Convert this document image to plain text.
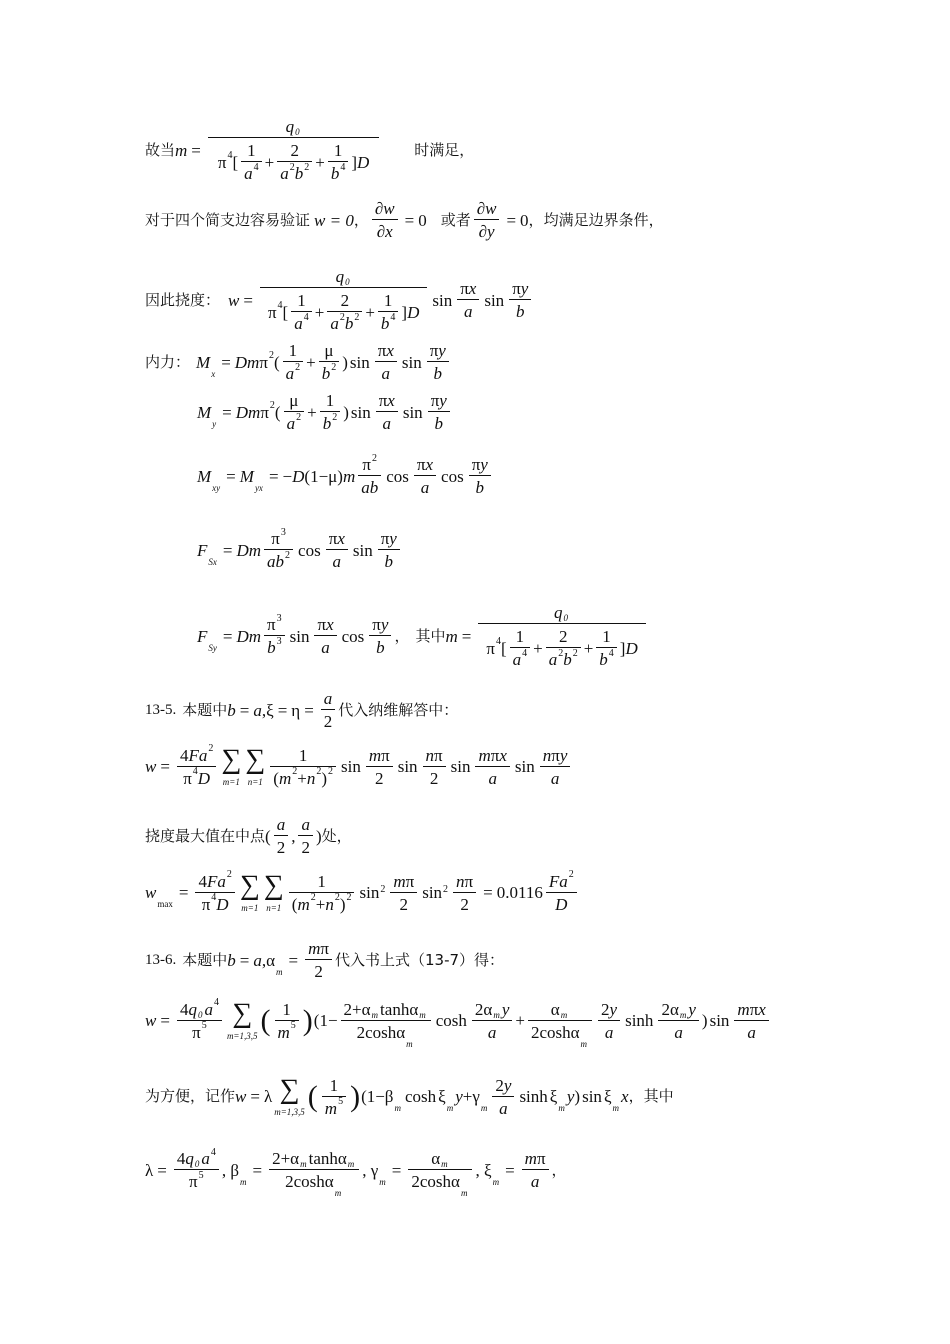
故当 $m = \frac{q 0}{\pi 4 [ \frac{1}{a 4} + \frac{2}{a 2 b 2} + \frac{1}{b 4} ] D}$ 时满足，
对于四个简支边容易验证 w = 0 ， $\frac{\partial w}{\partial x} = 0$ 或者 $\frac{\partial w}{\partial y} = 0$ ， 均满足边界条件，
因此挠度： $w = \frac{q 0}{\pi 4 [ \frac{1}{a 4} + \frac{2}{a 2 b 2} + \frac{1}{b 4} ] D}$ $\sin \frac{\text{π x}}{a}$ $\sin \frac{\text{π y}}{b}$
内力： M
x
= Dm π 2 ( $\frac{1}{a 2} + \frac{\mu}{b 2}$ ) $\sin \frac{\text{π x}}{a}$ $\sin \frac{\text{π y}}{b}$
M
y
= Dm π 2 ( $\frac{\mu}{a 2} + \frac{1}{b 2}$ ) $\sin \frac{\text{π x}}{a}$ $\sin \frac{\text{π y}}{b}$
M
xy
= M
yx
= − D (1−μ) m $\frac{\pi 2}{ab}$ $\cos \frac{\text{π x}}{a}$ $\cos \frac{\text{π y}}{b}$
F
Sx
= Dm $\frac{\pi 3}{ab 2}$ $\cos \frac{\text{π x}}{a}$ $\sin \frac{\text{π y}}{b}$
F
Sy
= Dm $\frac{\pi 3}{b 3}$ $\sin \frac{\text{π x}}{a}$ $\cos \frac{\text{π y}}{b}$ ， 其中 $m = \frac{q 0}{\pi 4 [ \frac{1}{a 4} + \frac{2}{a 2 b 2} + \frac{1}{b 4} ] D}$
13-5. 本题中 b = a $,\xi = \eta = \frac{a}{2}$ 代入纳维解答中：
$w = \frac{4 Fa 2}{\pi 4 D}$ ∑
m=1
∑
$n=1 \frac{1}{( m 2 + n 2 ) 2}$ $\sin \frac{\text{m π}}{2}$ $\sin \frac{\text{n π}}{2}$ $\sin \frac{\text{m π x}}{a}$ $\sin \frac{\text{n π y}}{a}$
挠度最大值在中点 ( $\frac{a}{2}$ , $\frac{a}{2}$ ) 处，
w
max
= $\frac{4 Fa 2}{\pi 4 D}$ ∑
m=1
∑
$n=1 \frac{1}{( m 2 + n 2 ) 2} \sin^2 \frac{\text{m π}}{2} \sin^2 \frac{\text{n π}}{2} = 0.0116 \frac{Fa 2}{D}$
13-6. 本题中 b = a ,α
m
= $\frac{\text{m π}}{2}$ 代入书上式（13-7）得：
$w = \frac{4 q 0 a 4}{\pi 5}$ ∑
m=1,3,5 ( $\frac{1}{m 5}$ ) (1− 2+α m tanhα m
2coshα
m $\cosh \frac{\text{2α m y}}{a} + \alpha$ m
2coshα
m $\frac{2 y}{a}$ $\sinh \frac{\text{2α m y}}{a}$ ) $\sin \frac{\text{m π x}}{a}$
为方便，记作 w = λ ∑
m=1,3,5 ( $\frac{1}{m 5}$ ) (1−β
m
cosh ξ
m
y +γ
m $\frac{2 y}{a}$ sinh ξ
m
y ) sin ξ
m
x ， 其中
$\lambda = \frac{4 q 0 a 4}{\pi 5}$ , β
m
= 2+α m tanhα m
2coshα
m , γ
m
= α m
2coshα
m , ξ
m
= $\frac{\text{m π}}{a}$ ，
